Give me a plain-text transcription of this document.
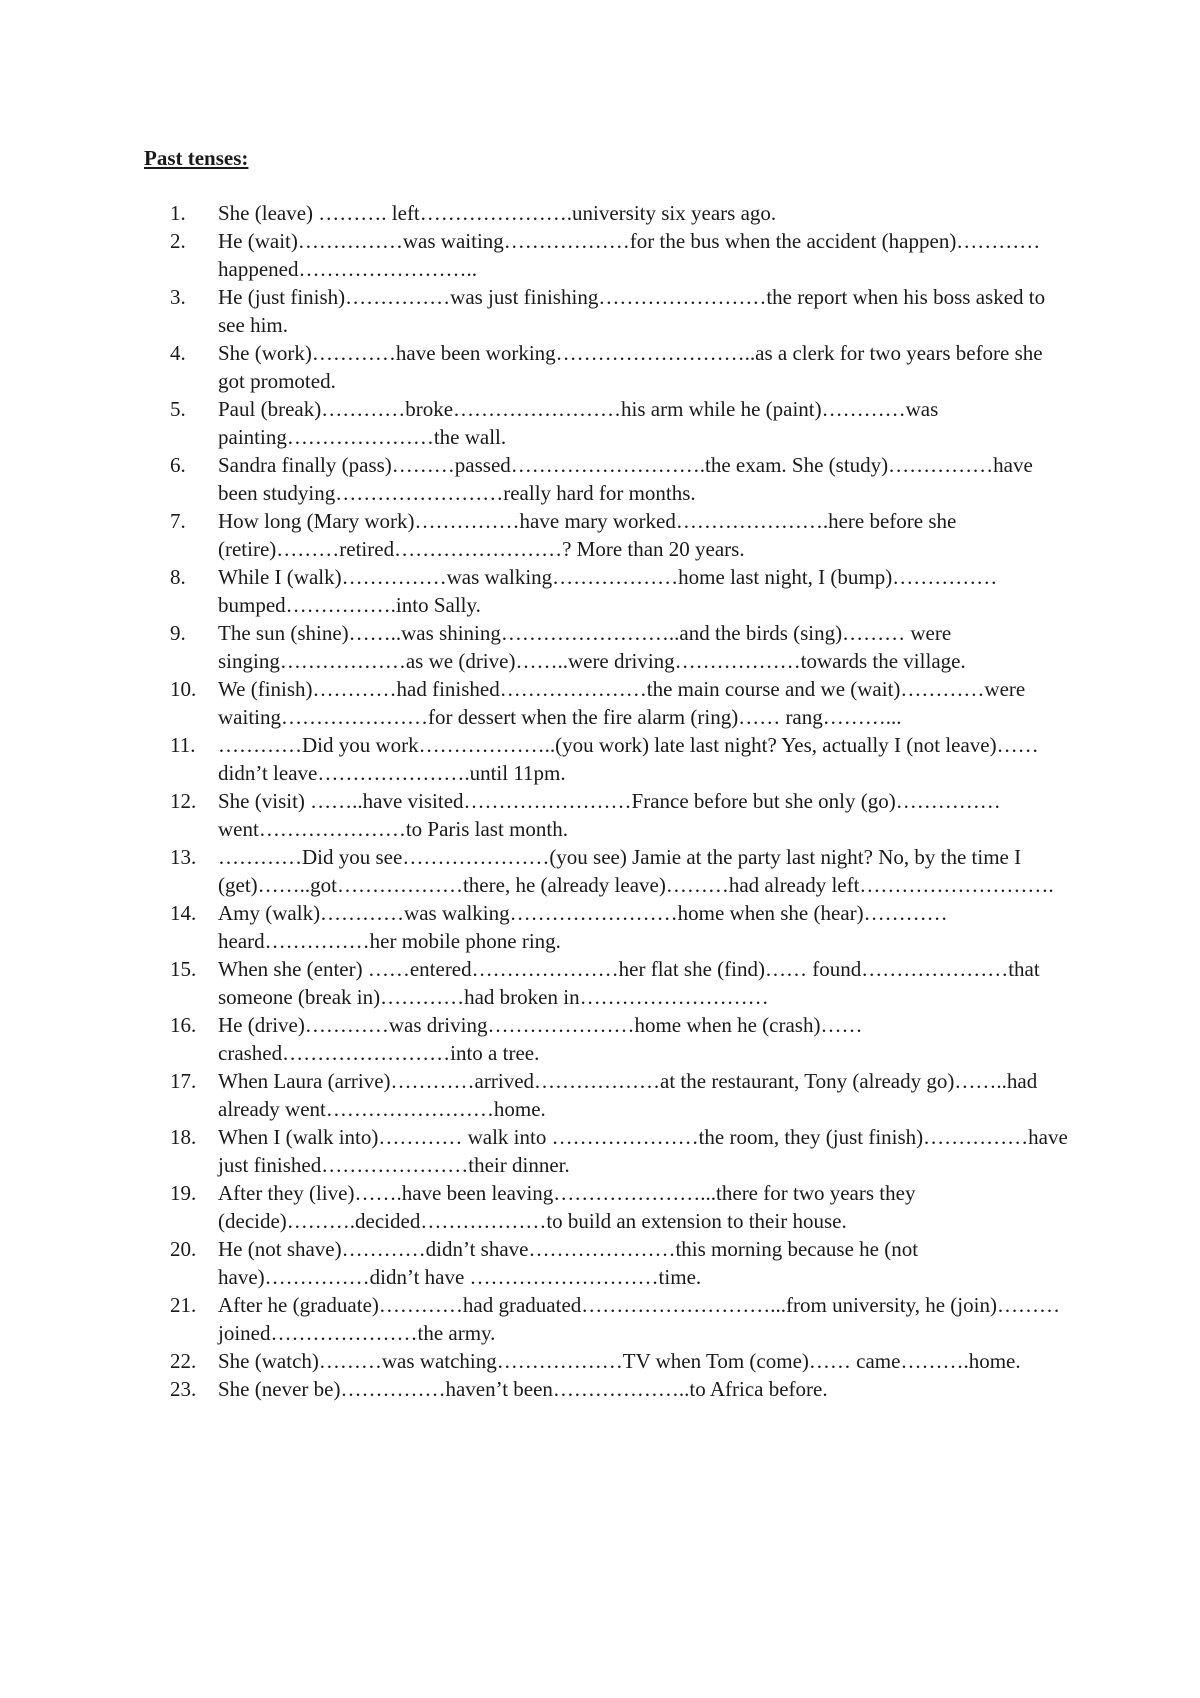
Past tenses:
1.	She (leave) ………. left………………….university six years ago.
2.	He (wait)……………was waiting………………for the bus when the accident (happen)…………happened……………………..
3.	He (just finish)……………was just finishing……………………the report when his boss asked to see him.
4.	She (work)…………have been working………………………..as a clerk for two years before she got promoted.
5.	Paul (break)…………broke……………………his arm while he (paint)…………was painting…………………the wall.
6.	Sandra finally (pass)………passed……………………….the exam. She (study)……………have been studying……………………really hard for months.
7.	How long (Mary work)……………have mary worked………………….here before she (retire)………retired……………………? More than 20 years.
8.	While I (walk)……………was walking………………home last night, I (bump)……………bumped…………….into Sally.
9.	The sun (shine)……..was shining……………………..and the birds (sing)……… were singing………………as we (drive)……..were driving………………towards the village.
10.	We (finish)…………had finished…………………the main course and we (wait)…………were waiting…………………for dessert when the fire alarm (ring)…… rang………...
11.	…………Did you work………………..(you work) late last night? Yes, actually I (not leave)……didn’t leave………………….until 11pm.
12.	She (visit) ……..have visited……………………France before but she only (go)……………went…………………to Paris last month.
13.	…………Did you see…………………(you see) Jamie at the party last night? No, by the time I (get)……..got………………there, he (already leave)………had already left……………………….
14.	Amy (walk)…………was walking……………………home when she (hear)…………heard……………her mobile phone ring.
15.	When she (enter) ……entered…………………her flat she (find)…… found…………………that someone (break in)…………had broken in………………………
16.	He (drive)…………was driving…………………home when he (crash)…… crashed……………………into a tree.
17.	When Laura (arrive)…………arrived………………at the restaurant, Tony (already go)……..had already went……………………home.
18.	When I (walk into)………… walk into …………………the room, they (just finish)……………have just finished…………………their dinner.
19.	After they (live)…….have been leaving…………………...there for two years they (decide)……….decided………………to build an extension to their house.
20.	He (not shave)…………didn’t shave…………………this morning because he (not have)……………didn’t have ………………………time.
21.	After he (graduate)…………had graduated………………………...from university, he (join)………joined…………………the army.
22.	She (watch)………was watching………………TV when Tom (come)…… came……….home.
23.	She (never be)……………haven’t been………………..to Africa before.
